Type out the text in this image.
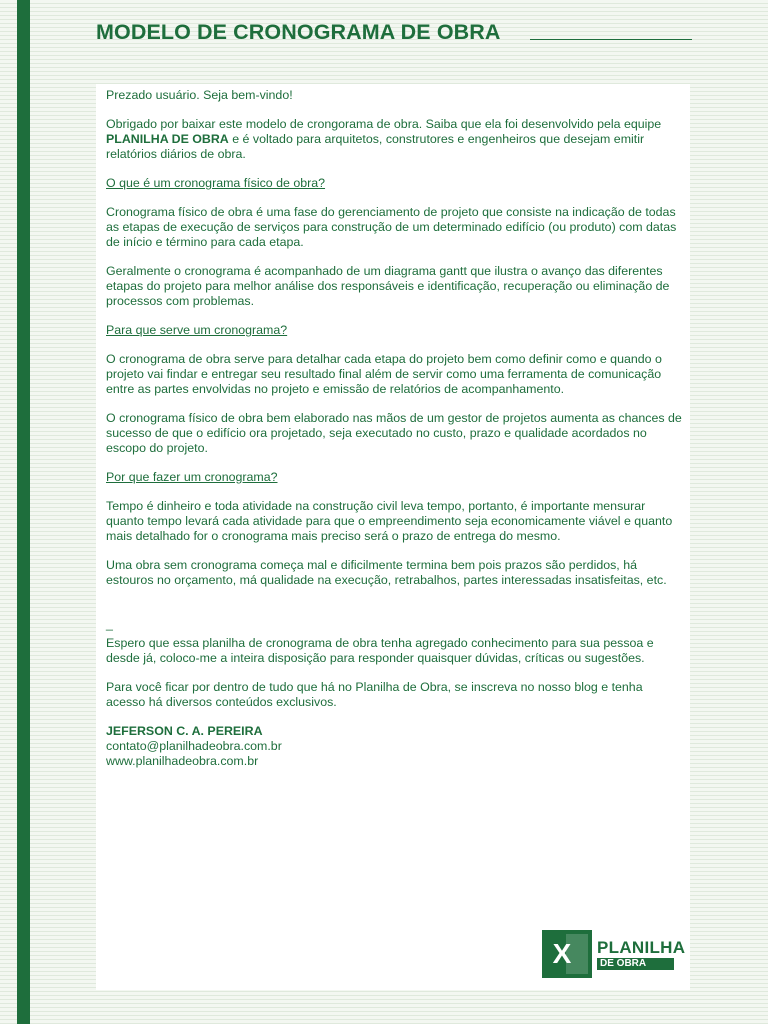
MODELO DE CRONOGRAMA DE OBRA

Prezado usuário. Seja bem-vindo!

Obrigado por baixar este modelo de crongorama de obra. Saiba que ela foi desenvolvido pela equipe PLANILHA DE OBRA e é voltado para arquitetos, construtores e engenheiros que desejam emitir relatórios diários de obra.

O que é um cronograma físico de obra?

Cronograma físico de obra é uma fase do gerenciamento de projeto que consiste na indicação de todas as etapas de execução de serviços para construção de um determinado edifício (ou produto) com datas de início e término para cada etapa.

Geralmente o cronograma é acompanhado de um diagrama gantt que ilustra o avanço das diferentes etapas do projeto para melhor análise dos responsáveis e identificação, recuperação ou eliminação de processos com problemas.

Para que serve um cronograma?

O cronograma de obra serve para detalhar cada etapa do projeto bem como definir como e quando o projeto vai findar e entregar seu resultado final além de servir como uma ferramenta de comunicação entre as partes envolvidas no projeto e emissão de relatórios de acompanhamento.

O cronograma físico de obra bem elaborado nas mãos de um gestor de projetos aumenta as chances de sucesso de que o edifício ora projetado, seja executado no custo, prazo e qualidade acordados no escopo do projeto.

Por que fazer um cronograma?

Tempo é dinheiro e toda atividade na construção civil leva tempo, portanto, é importante mensurar quanto tempo levará cada atividade para que o empreendimento seja economicamente viável e quanto mais detalhado for o cronograma mais preciso será o prazo de entrega do mesmo.

Uma obra sem cronograma começa mal e dificilmente termina bem pois prazos são perdidos, há estouros no orçamento, má qualidade na execução, retrabalhos, partes interessadas insatisfeitas, etc.

_

Espero que essa planilha de cronograma de obra tenha agregado conhecimento para sua pessoa e desde já, coloco-me a inteira disposição para responder quaisquer dúvidas, críticas ou sugestões.

Para você ficar por dentro de tudo que há no Planilha de Obra, se inscreva no nosso blog e tenha acesso há diversos conteúdos exclusivos.

JEFERSON C. A. PEREIRA
contato@planilhadeobra.com.br
www.planilhadeobra.com.br
X PLANILHA
DE OBRA
